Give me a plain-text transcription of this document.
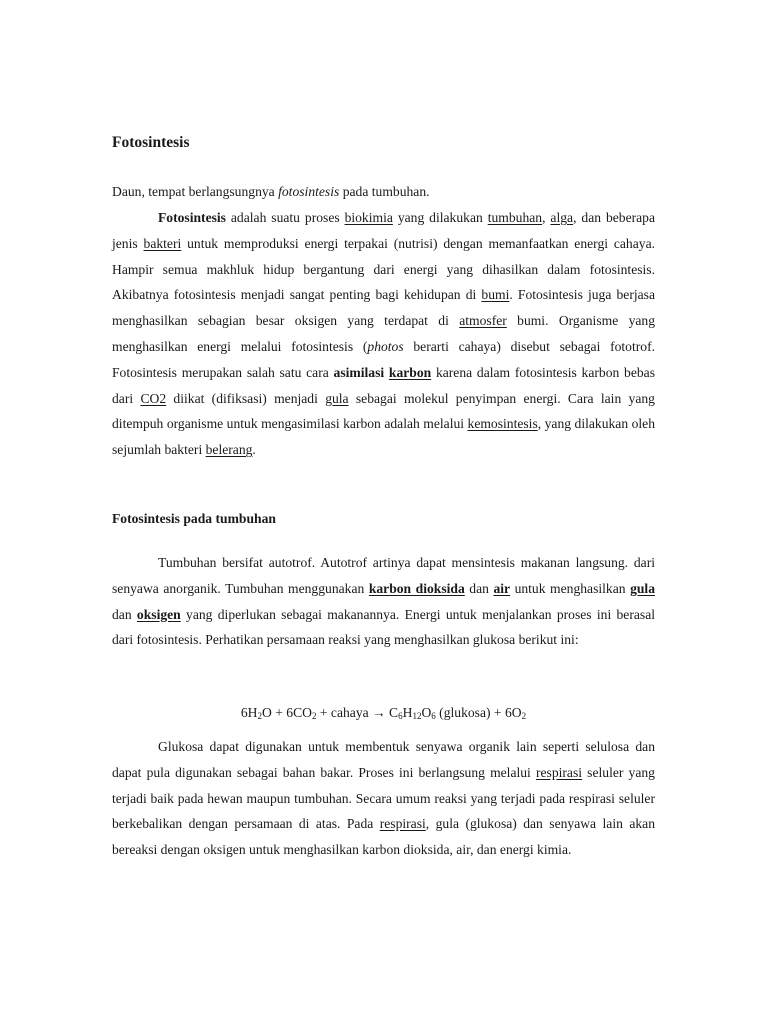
Fotosintesis

Daun, tempat berlangsungnya fotosintesis pada tumbuhan.

Fotosintesis adalah suatu proses biokimia yang dilakukan tumbuhan, alga, dan beberapa jenis bakteri untuk memproduksi energi terpakai (nutrisi) dengan memanfaatkan energi cahaya. Hampir semua makhluk hidup bergantung dari energi yang dihasilkan dalam fotosintesis. Akibatnya fotosintesis menjadi sangat penting bagi kehidupan di bumi. Fotosintesis juga berjasa menghasilkan sebagian besar oksigen yang terdapat di atmosfer bumi. Organisme yang menghasilkan energi melalui fotosintesis (photos berarti cahaya) disebut sebagai fototrof. Fotosintesis merupakan salah satu cara asimilasi karbon karena dalam fotosintesis karbon bebas dari CO2 diikat (difiksasi) menjadi gula sebagai molekul penyimpan energi. Cara lain yang ditempuh organisme untuk mengasimilasi karbon adalah melalui kemosintesis, yang dilakukan oleh sejumlah bakteri belerang.

Fotosintesis pada tumbuhan

Tumbuhan bersifat autotrof. Autotrof artinya dapat mensintesis makanan langsung. dari senyawa anorganik. Tumbuhan menggunakan karbon dioksida dan air untuk menghasilkan gula dan oksigen yang diperlukan sebagai makanannya. Energi untuk menjalankan proses ini berasal dari fotosintesis. Perhatikan persamaan reaksi yang menghasilkan glukosa berikut ini:

$6H_2O + 6CO_2$ + cahaya → $C_6H_{12}O_6$ (glukosa) + $6O_2$

Glukosa dapat digunakan untuk membentuk senyawa organik lain seperti selulosa dan dapat pula digunakan sebagai bahan bakar. Proses ini berlangsung melalui respirasi seluler yang terjadi baik pada hewan maupun tumbuhan. Secara umum reaksi yang terjadi pada respirasi seluler berkebalikan dengan persamaan di atas. Pada respirasi, gula (glukosa) dan senyawa lain akan bereaksi dengan oksigen untuk menghasilkan karbon dioksida, air, dan energi kimia.
